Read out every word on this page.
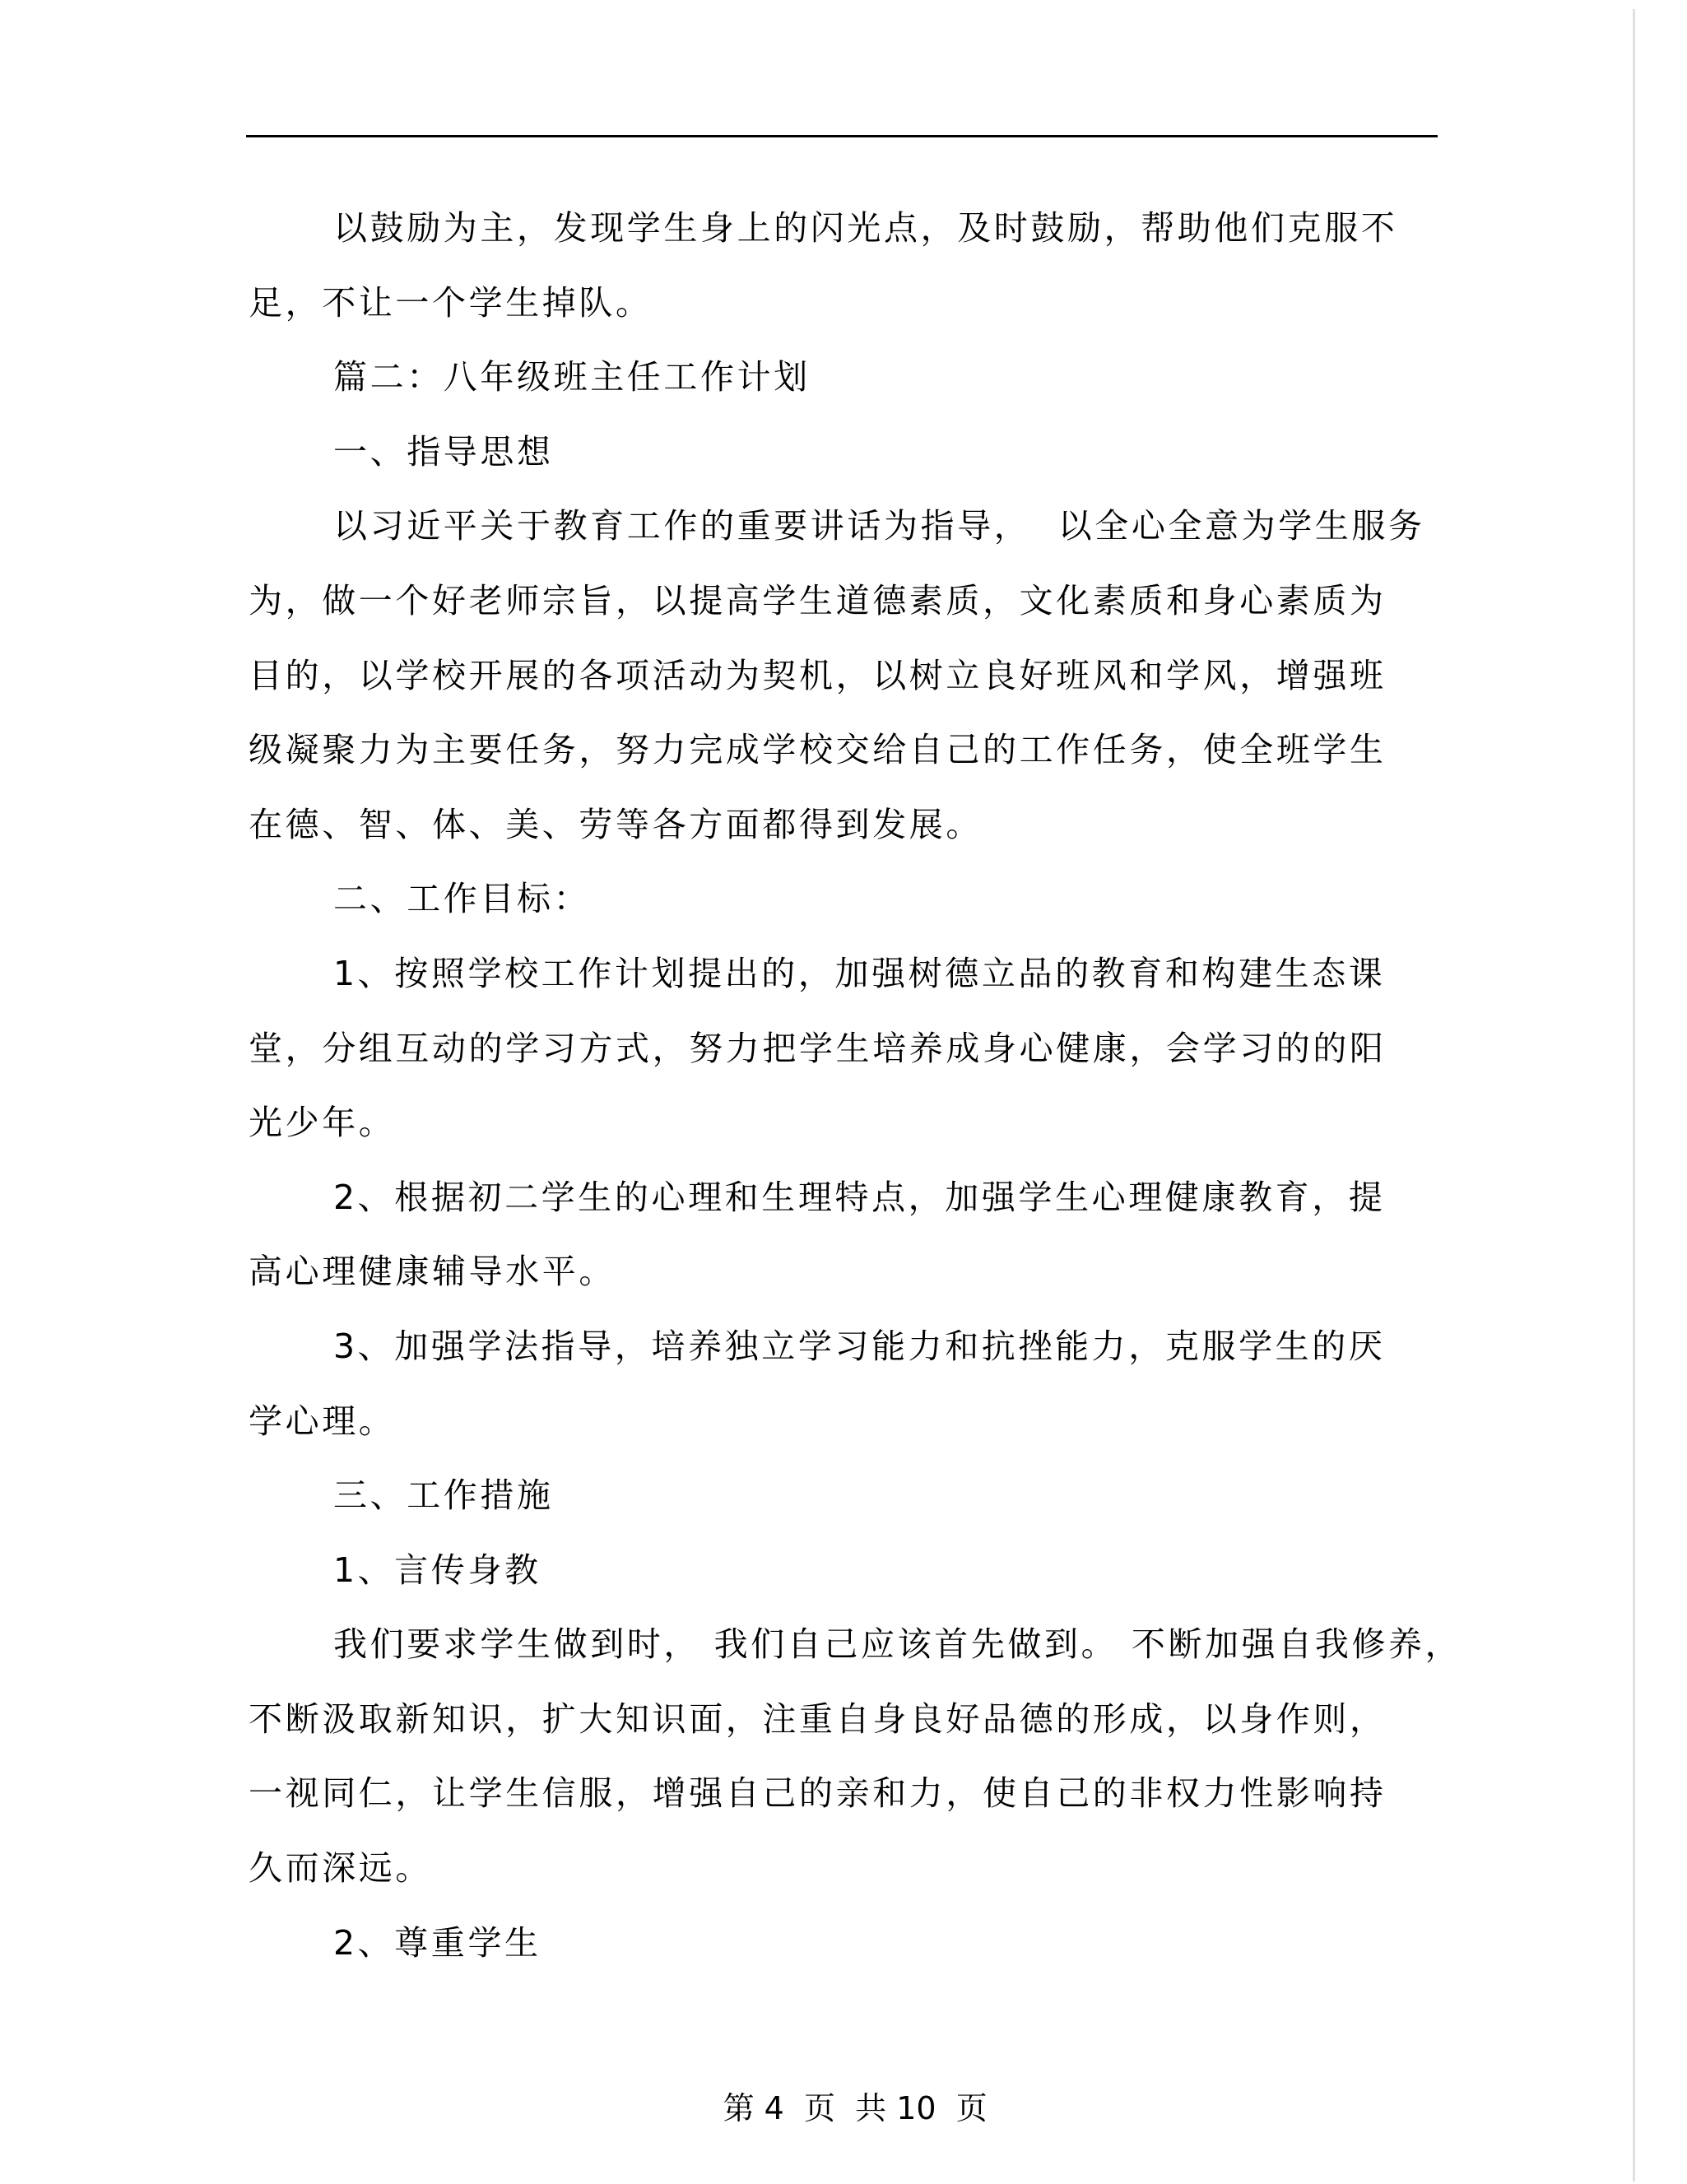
以鼓励为主，发现学生身上的闪光点，及时鼓励，帮助他们克服不
足，不让一个学生掉队。
篇二：八年级班主任工作计划
一、指导思想
以习近平关于教育工作的重要讲话为指导，  以全心全意为学生服务
为，做一个好老师宗旨，以提高学生道德素质，文化素质和身心素质为
目的，以学校开展的各项活动为契机，以树立良好班风和学风，增强班
级凝聚力为主要任务，努力完成学校交给自己的工作任务，使全班学生
在德、智、体、美、劳等各方面都得到发展。
二、工作目标：
1、按照学校工作计划提出的，加强树德立品的教育和构建生态课
堂，分组互动的学习方式，努力把学生培养成身心健康，会学习的的阳
光少年。
2、根据初二学生的心理和生理特点，加强学生心理健康教育，提
高心理健康辅导水平。
3、加强学法指导，培养独立学习能力和抗挫能力，克服学生的厌
学心理。
三、工作措施
1、言传身教
我们要求学生做到时， 我们自己应该首先做到。 不断加强自我修养，
不断汲取新知识，扩大知识面，注重自身良好品德的形成，以身作则，
一视同仁，让学生信服，增强自己的亲和力，使自己的非权力性影响持
久而深远。
2、尊重学生

第 4  页  共 10  页
